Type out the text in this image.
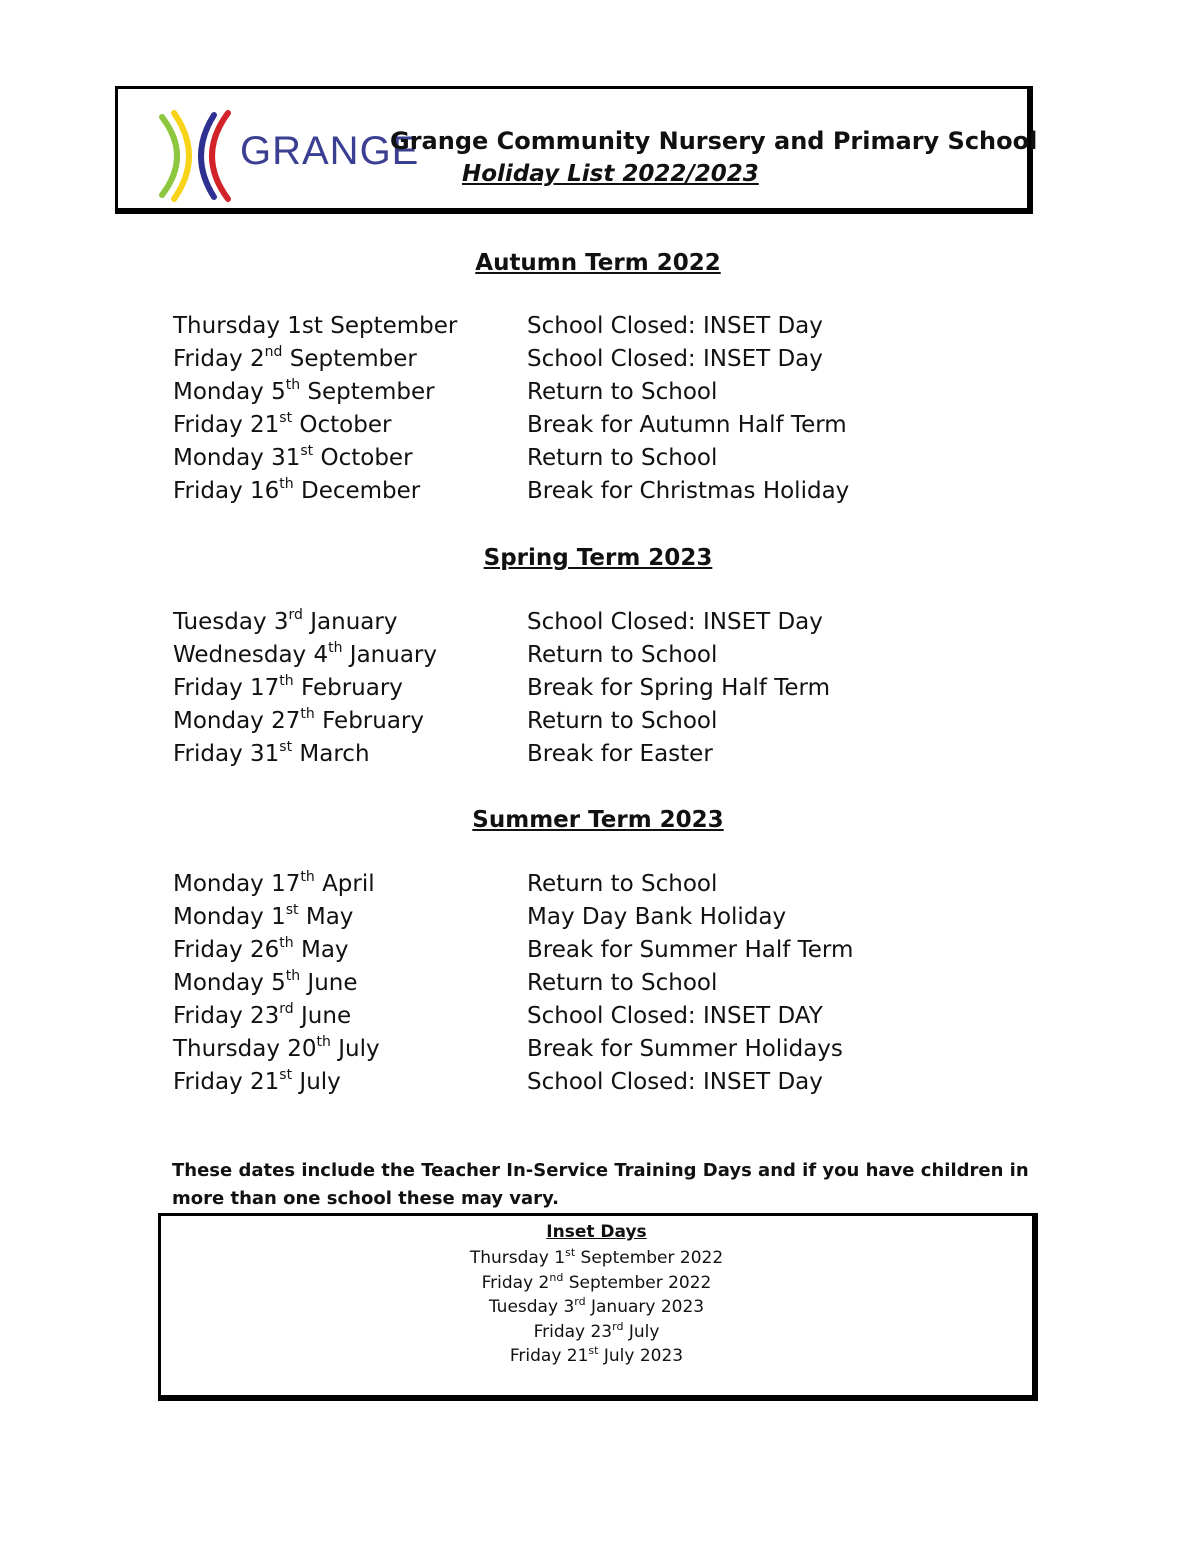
GRANGE
Grange Community Nursery and Primary School
Holiday List 2022/2023
Autumn Term 2022
Thursday 1st September	School Closed: INSET Day
Friday 2nd September	School Closed: INSET Day
Monday 5th September	Return to School
Friday 21st October	Break for Autumn Half Term
Monday 31st October	Return to School
Friday 16th December	Break for Christmas Holiday
Spring Term 2023
Tuesday 3rd January	School Closed: INSET Day
Wednesday 4th January	Return to School
Friday 17th February	Break for Spring Half Term
Monday 27th February	Return to School
Friday 31st March	Break for Easter
Summer Term 2023
Monday 17th April	Return to School
Monday 1st May	May Day Bank Holiday
Friday 26th May	Break for Summer Half Term
Monday 5th June	Return to School
Friday 23rd June	School Closed: INSET DAY
Thursday 20th July	Break for Summer Holidays
Friday 21st July	School Closed: INSET Day
These dates include the Teacher In-Service Training Days and if you have children in more than one school these may vary.
Inset Days
Thursday 1st September 2022
Friday 2nd September 2022
Tuesday 3rd January 2023
Friday 23rd July
Friday 21st July 2023
